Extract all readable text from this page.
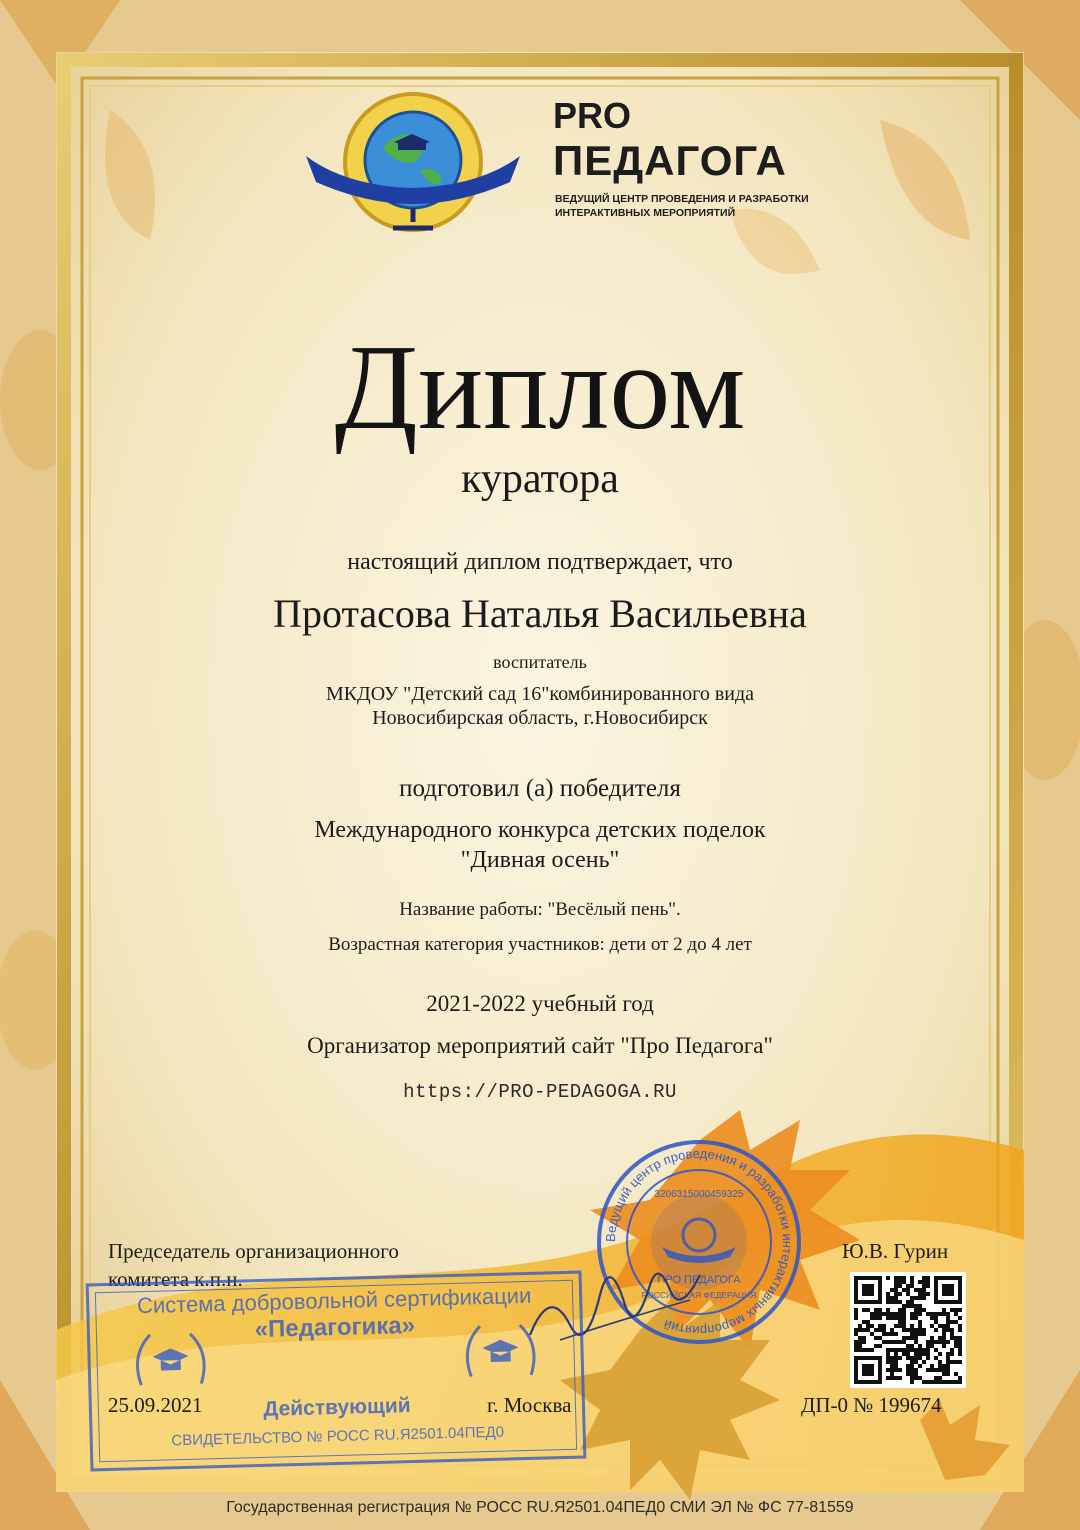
PRO
ПЕДАГОГА
ВЕДУЩИЙ ЦЕНТР ПРОВЕДЕНИЯ И РАЗРАБОТКИ
ИНТЕРАКТИВНЫХ МЕРОПРИЯТИЙ
Диплом
куратора
настоящий диплом подтверждает, что
Протасова Наталья Васильевна
воспитатель
МКДОУ "Детский сад 16"комбинированного вида
Новосибирская область, г.Новосибирск
подготовил (а) победителя
Международного конкурса детских поделок
"Дивная осень"
Название работы: "Весёлый пень".
Возрастная категория участников: дети от 2 до 4 лет
2021-2022 учебный год
Организатор мероприятий сайт "Про Педагога"
https://PRO-PEDAGOGA.RU
Ведущий центр проведения и разработки интерактивных мероприятий
ПРО ПЕДАГОГА
3206315000459325
РОССИЙСКАЯ ФЕДЕРАЦИЯ
Председатель организационного
комитета к.п.н.
Ю.В. Гурин
Система добровольной сертификации
«Педагогика»
Действующий
СВИДЕТЕЛЬСТВО № РОСС RU.Я2501.04ПЕД0
25.09.2021	г. Москва	ДП-0 № 199674
Государственная регистрация № РОСС RU.Я2501.04ПЕД0 СМИ ЭЛ № ФС 77-81559
